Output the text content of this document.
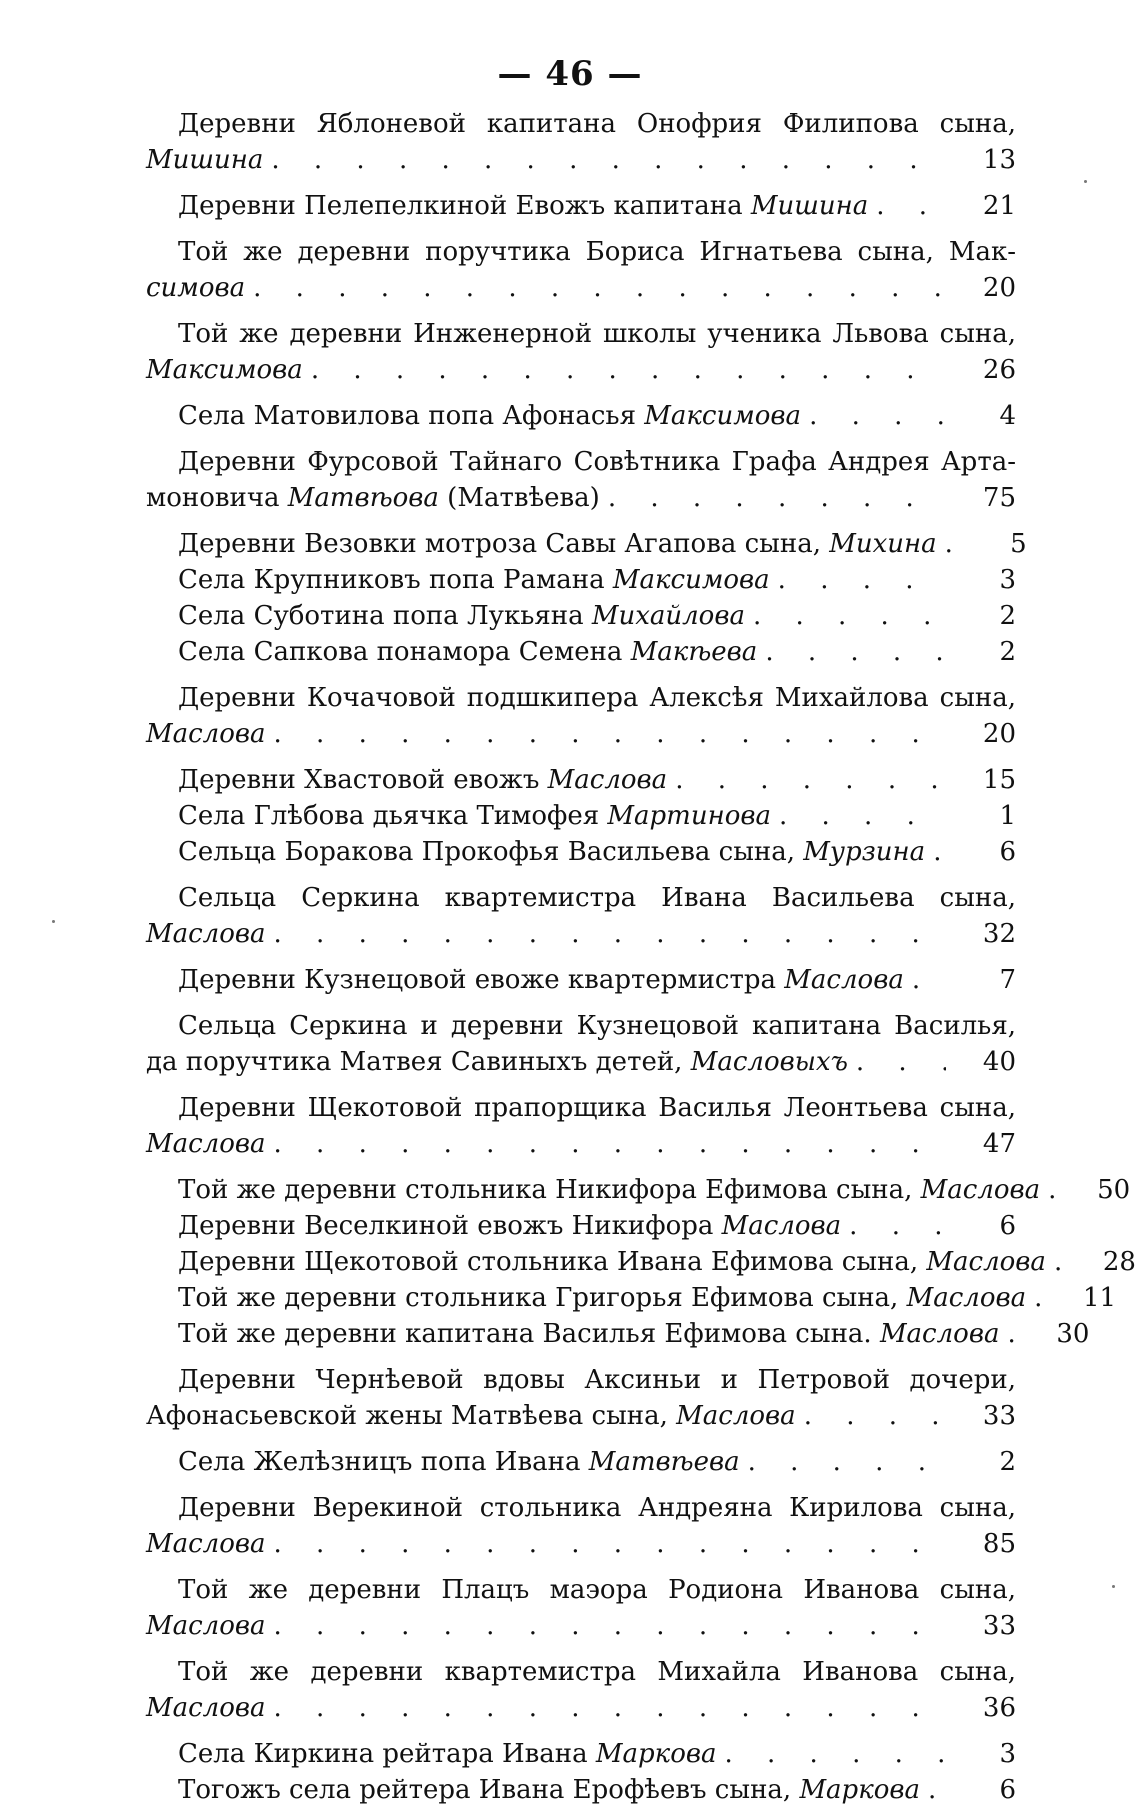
— 46 —
Деревни Яблоневой капитана Онофрия Филипова сына,
Мишина . . .	13
Деревни Пелепелкиной Евожъ капитана Мишина . . .	21
Той же деревни поручтика Бориса Игнатьева сына, Мак-
симова . . .	20
Той же деревни Инженерной школы ученика Львова сына,
Максимова . . .	26
Села Матовилова попа Афонасья Максимова . . .	4
Деревни Фурсовой Тайнаго Совѣтника Графа Андрея Арта-
моновича Матвѣова (Матвѣева) . . .	75
Деревни Везовки мотроза Савы Агапова сына, Михина . . .	5
Села Крупниковъ попа Рамана Максимова . . .	3
Села Суботина попа Лукьяна Михайлова . . .	2
Села Сапкова понамора Семена Макѣева . . .	2
Деревни Кочачовой подшкипера Алексѣя Михайлова сына,
Маслова . . .	20
Деревни Хвастовой евожъ Маслова . . .	15
Села Глѣбова дьячка Тимофея Мартинова . . .	1
Сельца Боракова Прокофья Васильева сына, Мурзина . . .	6
Сельца Серкина квартемистра Ивана Васильева сына,
Маслова . . .	32
Деревни Кузнецовой евоже квартермистра Маслова . . .	7
Сельца Серкина и деревни Кузнецовой капитана Василья,
да поручтика Матвея Савиныхъ детей, Масловыхъ . . .	40
Деревни Щекотовой прапорщика Василья Леонтьева сына,
Маслова . . .	47
Той же деревни стольника Никифора Ефимова сына, Маслова . . .	50
Деревни Веселкиной евожъ Никифора Маслова . . .	6
Деревни Щекотовой стольника Ивана Ефимова сына, Маслова . . .	28
Той же деревни стольника Григорья Ефимова сына, Маслова . . .	11
Той же деревни капитана Василья Ефимова сына. Маслова . . .	30
Деревни Чернѣевой вдовы Аксиньи и Петровой дочери,
Афонасьевской жены Матвѣева сына, Маслова . . .	33
Села Желѣзницъ попа Ивана Матвѣева . . .	2
Деревни Верекиной стольника Андреяна Кирилова сына,
Маслова . . .	85
Той же деревни Плацъ маэора Родиона Иванова сына,
Маслова . . .	33
Той же деревни квартемистра Михайла Иванова сына,
Маслова . . .	36
Села Киркина рейтара Ивана Маркова . . .	3
Тогожъ села рейтера Ивана Ерофѣевъ сына, Маркова . . .	6
